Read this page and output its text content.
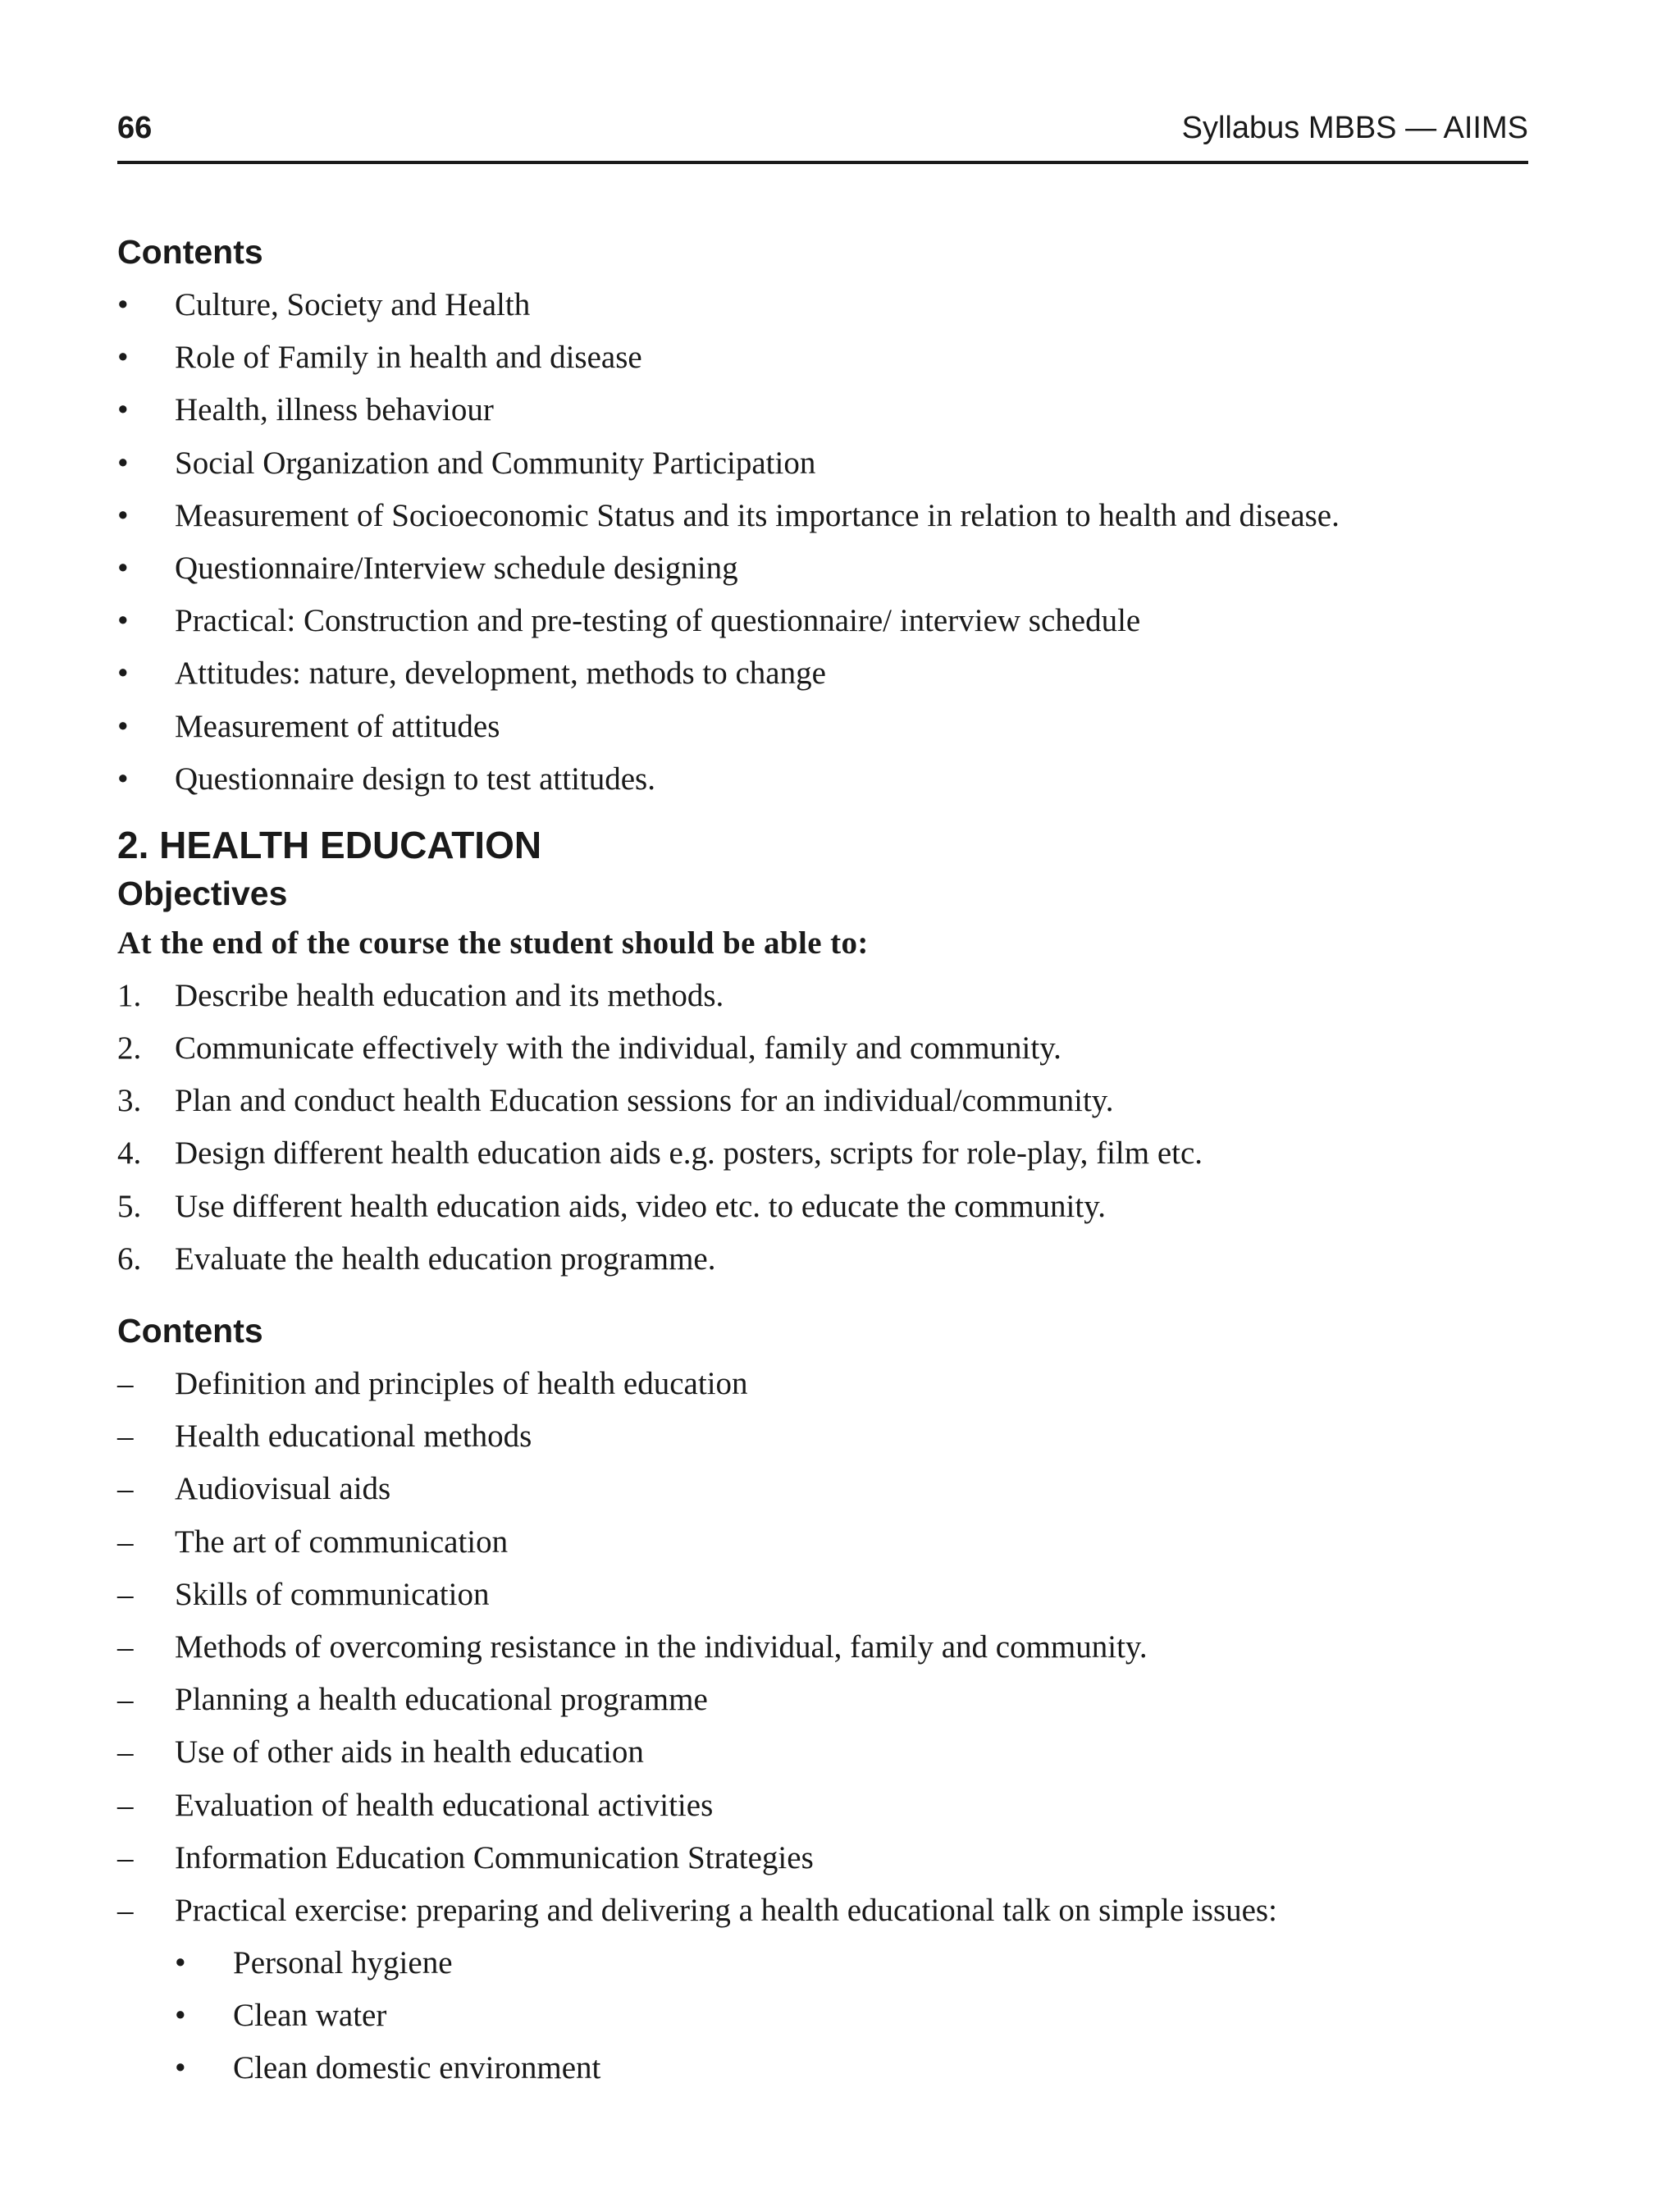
66	Syllabus MBBS — AIIMS
Contents
• Culture, Society and Health
• Role of Family in health and disease
• Health, illness behaviour
• Social Organization and Community Participation
• Measurement of Socioeconomic Status and its importance in relation to health and disease.
• Questionnaire/Interview schedule designing
• Practical: Construction and pre-testing of questionnaire/ interview schedule
• Attitudes: nature, development, methods to change
• Measurement of attitudes
• Questionnaire design to test attitudes.
2. HEALTH EDUCATION
Objectives
At the end of the course the student should be able to:
1. Describe health education and its methods.
2. Communicate effectively with the individual, family and community.
3. Plan and conduct health Education sessions for an individual/community.
4. Design different health education aids e.g. posters, scripts for role-play, film etc.
5. Use different health education aids, video etc. to educate the community.
6. Evaluate the health education programme.
Contents
– Definition and principles of health education
– Health educational methods
– Audiovisual aids
– The art of communication
– Skills of communication
– Methods of overcoming resistance in the individual, family and community.
– Planning a health educational programme
– Use of other aids in health education
– Evaluation of health educational activities
– Information Education Communication Strategies
– Practical exercise: preparing and delivering a health educational talk on simple issues:
• Personal hygiene
• Clean water
• Clean domestic environment
